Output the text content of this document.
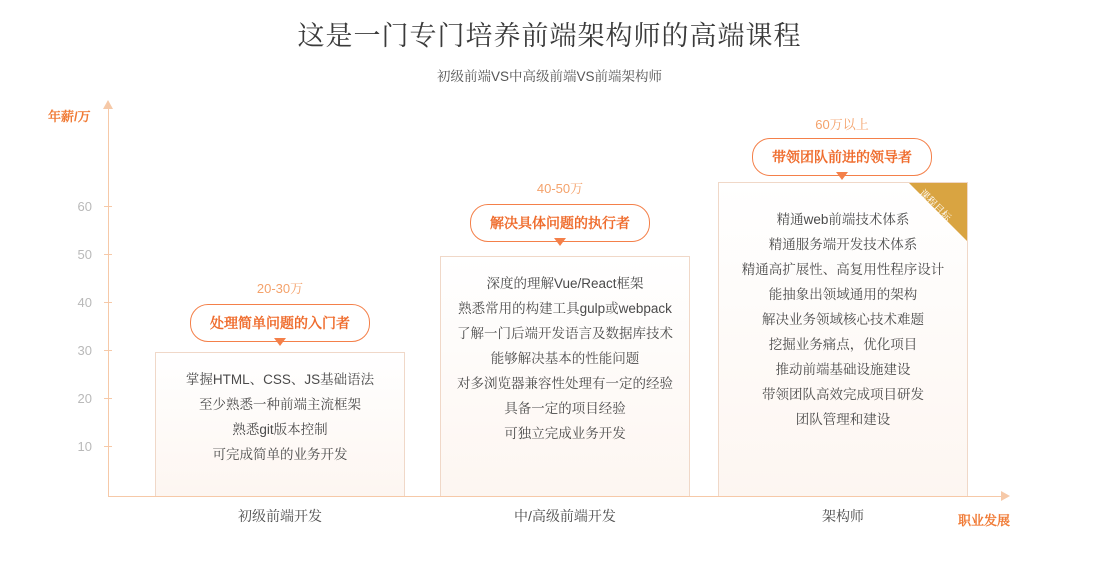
这是一门专门培养前端架构师的高端课程
初级前端VS中高级前端VS前端架构师
年薪/万
60
50
40
30
20
10
职业发展
20-30万
处理简单问题的入门者
掌握HTML、CSS、JS基础语法
至少熟悉一种前端主流框架
熟悉git版本控制
可完成简单的业务开发
初级前端开发
40-50万
解决具体问题的执行者
深度的理解Vue/React框架
熟悉常用的构建工具gulp或webpack
了解一门后端开发语言及数据库技术
能够解决基本的性能问题
对多浏览器兼容性处理有一定的经验
具备一定的项目经验
可独立完成业务开发
中/高级前端开发
60万以上
带领团队前进的领导者
课程目标
精通web前端技术体系
精通服务端开发技术体系
精通高扩展性、高复用性程序设计
能抽象出领域通用的架构
解决业务领域核心技术难题
挖掘业务痛点，优化项目
推动前端基础设施建设
带领团队高效完成项目研发
团队管理和建设
架构师
